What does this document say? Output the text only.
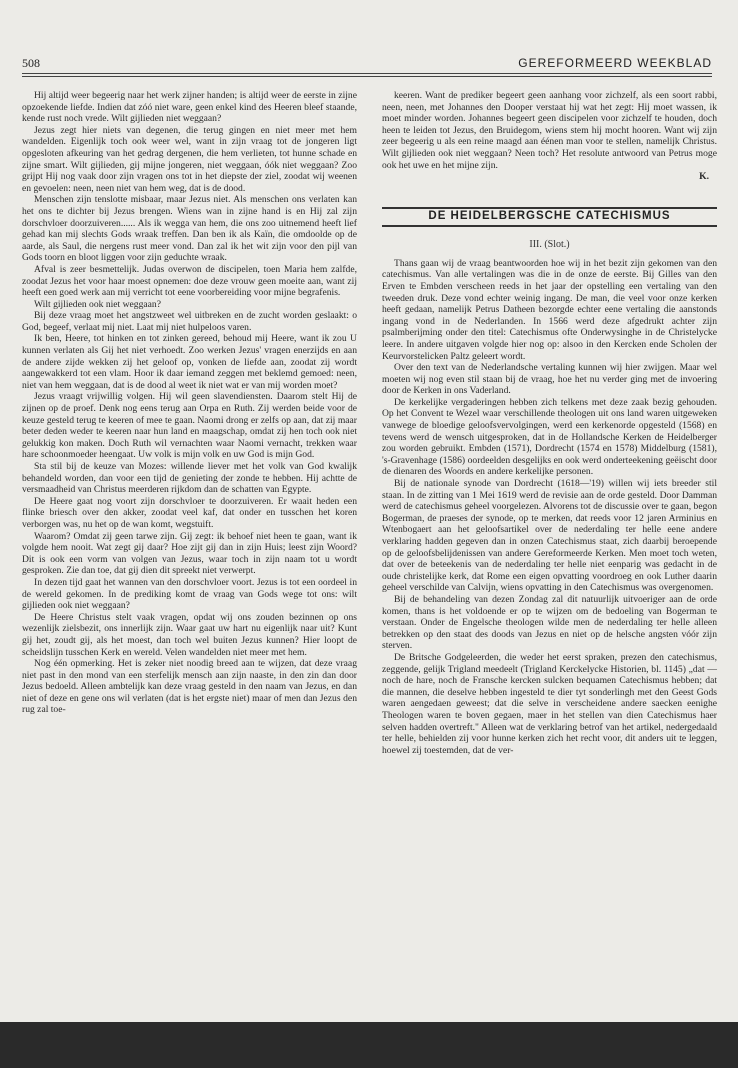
508	GEREFORMEERD WEEKBLAD

Hij altijd weer begeerig naar het werk zijner handen; is altijd weer de eerste in zijne opzoekende liefde. Indien dat zóó niet ware, geen enkel kind des Heeren bleef staande, kende rust noch vrede. Wilt gijlieden niet weggaan?

Jezus zegt hier niets van degenen, die terug gingen en niet meer met hem wandelden. Eigenlijk toch ook weer wel, want in zijn vraag tot de jongeren ligt opgesloten afkeuring van het gedrag dergenen, die hem verlieten, tot hunne schade en zijne smart. Wilt gijlieden, gij mijne jongeren, niet weggaan, óók niet weggaan? Zoo grijpt Hij nog vaak door zijn vragen ons tot in het diepste der ziel, zoodat wij weenen en gevoelen: neen, neen niet van hem weg, dat is de dood.

Menschen zijn tenslotte misbaar, maar Jezus niet. Als menschen ons verlaten kan het ons te dichter bij Jezus brengen. Wiens wan in zijne hand is en Hij zal zijn dorschvloer doorzuiveren...... Als ik wegga van hem, die ons zoo uitnemend heeft lief gehad kan mij slechts Gods wraak treffen. Dan ben ik als Kaïn, die omdoolde op de aarde, als Saul, die nergens rust meer vond. Dan zal ik het wit zijn voor den pijl van Gods toorn en bloot liggen voor zijn geduchte wraak.

Afval is zeer besmettelijk. Judas overwon de discipelen, toen Maria hem zalfde, zoodat Jezus het voor haar moest opnemen: doe deze vrouw geen moeite aan, want zij heeft een goed werk aan mij verricht tot eene voorbereiding voor mijne begrafenis.

Wilt gijlieden ook niet weggaan?

Bij deze vraag moet het angstzweet wel uitbreken en de zucht worden geslaakt: o God, begeef, verlaat mij niet. Laat mij niet hulpeloos varen.

Ik ben, Heere, tot hinken en tot zinken gereed, behoud mij Heere, want ik zou U kunnen verlaten als Gij het niet verhoedt. Zoo werken Jezus' vragen enerzijds en aan de andere zijde wekken zij het geloof op, vonken de liefde aan, zoodat zij wordt aangewakkerd tot een vlam. Hoor ik daar iemand zeggen met beklemd gemoed: neen, niet van hem weggaan, dat is de dood al weet ik niet wat er van mij worden moet?

Jezus vraagt vrijwillig volgen. Hij wil geen slavendiensten. Daarom stelt Hij de zijnen op de proef. Denk nog eens terug aan Orpa en Ruth. Zij werden beide voor de keuze gesteld terug te keeren of mee te gaan. Naomi drong er zelfs op aan, dat zij maar beter deden weder te keeren naar hun land en maagschap, omdat zij hen toch ook niet gelukkig kon maken. Doch Ruth wil vernachten waar Naomi vernacht, trekken waar hare schoonmoeder heengaat. Uw volk is mijn volk en uw God is mijn God.

Sta stil bij de keuze van Mozes: willende liever met het volk van God kwalijk behandeld worden, dan voor een tijd de genieting der zonde te hebben. Hij achtte de versmaadheid van Christus meerderen rijkdom dan de schatten van Egypte.

De Heere gaat nog voort zijn dorschvloer te doorzuiveren. Er waait heden een flinke briesch over den akker, zoodat veel kaf, dat onder en tusschen het koren verborgen was, nu het op de wan komt, wegstuift.

Waarom? Omdat zij geen tarwe zijn. Gij zegt: ik behoef niet heen te gaan, want ik volgde hem nooit. Wat zegt gij daar? Hoe zijt gij dan in zijn Huis; leest zijn Woord? Dit is ook een vorm van volgen van Jezus, waar toch in zijn naam tot u wordt gesproken. Zie dan toe, dat gij dien dit spreekt niet verwerpt.

In dezen tijd gaat het wannen van den dorschvloer voort. Jezus is tot een oordeel in de wereld gekomen. In de prediking komt de vraag van Gods wege tot ons: wilt gijlieden ook niet weggaan?

De Heere Christus stelt vaak vragen, opdat wij ons zouden bezinnen op ons wezenlijk zielsbezit, ons innerlijk zijn. Waar gaat uw hart nu eigenlijk naar uit? Kunt gij het, zoudt gij, als het moest, dan toch wel buiten Jezus kunnen? Hier loopt de scheidslijn tusschen Kerk en wereld. Velen wandelden niet meer met hem.

Nog één opmerking. Het is zeker niet noodig breed aan te wijzen, dat deze vraag niet past in den mond van een sterfelijk mensch aan zijn naaste, in den zin dan door Jezus bedoeld. Alleen ambtelijk kan deze vraag gesteld in den naam van Jezus, en dan niet of deze en gene ons wil verlaten (dat is het ergste niet) maar of men dan Jezus den rug zal toe-

keeren. Want de prediker begeert geen aanhang voor zichzelf, als een soort rabbi, neen, neen, met Johannes den Dooper verstaat hij wat het zegt: Hij moet wassen, ik moet minder worden. Johannes begeert geen discipelen voor zichzelf te houden, doch heen te leiden tot Jezus, den Bruidegom, wiens stem hij mocht hooren. Want wij zijn zeer begeerig u als een reine maagd aan éénen man voor te stellen, namelijk Christus. Wilt gijlieden ook niet weggaan? Neen toch? Het resolute antwoord van Petrus moge ook het uwe en het mijne zijn.

K.

DE HEIDELBERGSCHE CATECHISMUS
III. (Slot.)

Thans gaan wij de vraag beantwoorden hoe wij in het bezit zijn gekomen van den catechismus. Van alle vertalingen was die in de onze de eerste. Bij Gilles van den Erven te Embden verscheen reeds in het jaar der opstelling een vertaling van den tweeden druk. Deze vond echter weinig ingang. De man, die veel voor onze kerken heeft gedaan, namelijk Petrus Datheen bezorgde echter eene vertaling die aanstonds ingang vond in de Nederlanden. In 1566 werd deze afgedrukt achter zijn psalmberijming onder den titel: Catechismus ofte Onderwysinghe in de Christelycke leere. In andere uitgaven volgde hier nog op: alsoo in den Kercken ende Scholen der Keurvorstelicken Paltz geleert wordt.

Over den text van de Nederlandsche vertaling kunnen wij hier zwijgen. Maar wel moeten wij nog even stil staan bij de vraag, hoe het nu verder ging met de invoering door de Kerken in ons Vaderland.

De kerkelijke vergaderingen hebben zich telkens met deze zaak bezig gehouden. Op het Convent te Wezel waar verschillende theologen uit ons land waren uitgeweken vanwege de bloedige geloofsvervolgingen, werd een kerkenorde opgesteld (1568) en tevens werd de wensch uitgesproken, dat in de Hollandsche Kerken de Heidelberger zou worden gebruikt. Embden (1571), Dordrecht (1574 en 1578) Middelburg (1581), 's-Gravenhage (1586) oordeelden desgelijks en ook werd onderteekening geëischt door de dienaren des Woords en andere kerkelijke personen.

Bij de nationale synode van Dordrecht (1618—'19) willen wij iets breeder stil staan. In de zitting van 1 Mei 1619 werd de revisie aan de orde gesteld. Door Damman werd de catechismus geheel voorgelezen. Alvorens tot de discussie over te gaan, begon Bogerman, de praeses der synode, op te merken, dat reeds voor 12 jaren Arminius en Wtenbogaert aan het geloofsartikel over de nederdaling ter helle eene andere verklaring hadden gegeven dan in onzen Catechismus staat, zich daarbij beroepende op de geloofsbelijdenissen van andere Gereformeerde Kerken. Men moet toch weten, dat over de beteekenis van de nederdaling ter helle niet eenparig was gedacht in de oude christelijke kerk, dat Rome een eigen opvatting voordroeg en ook Luther daarin geheel verschilde van Calvijn, wiens opvatting in den Catechismus was overgenomen.

Bij de behandeling van dezen Zondag zal dit natuurlijk uitvoeriger aan de orde komen, thans is het voldoende er op te wijzen om de bedoeling van Bogerman te verstaan. Onder de Engelsche theologen wilde men de nederdaling ter helle alleen betrekken op den staat des doods van Jezus en niet op de helsche angsten vóór zijn sterven.

De Britsche Godgeleerden, die weder het eerst spraken, prezen den catechismus, zeggende, gelijk Trigland meedeelt (Trigland Kerckelycke Historien, bl. 1145) „dat — noch de hare, noch de Fransche kercken sulcken bequamen Catechismus hebben; dat die mannen, die deselve hebben ingesteld te dier tyt sonderlingh met den Geest Gods waren aengedaen geweest; dat die selve in verscheidene andere saecken eenighe Theologen waren te boven gegaen, maer in het stellen van dien Catechismus haer selven hadden overtreft." Alleen wat de verklaring betrof van het artikel, nedergedaald ter helle, behielden zij voor hunne kerken zich het recht voor, dit anders uit te leggen, hoewel zij toestemden, dat de ver-
